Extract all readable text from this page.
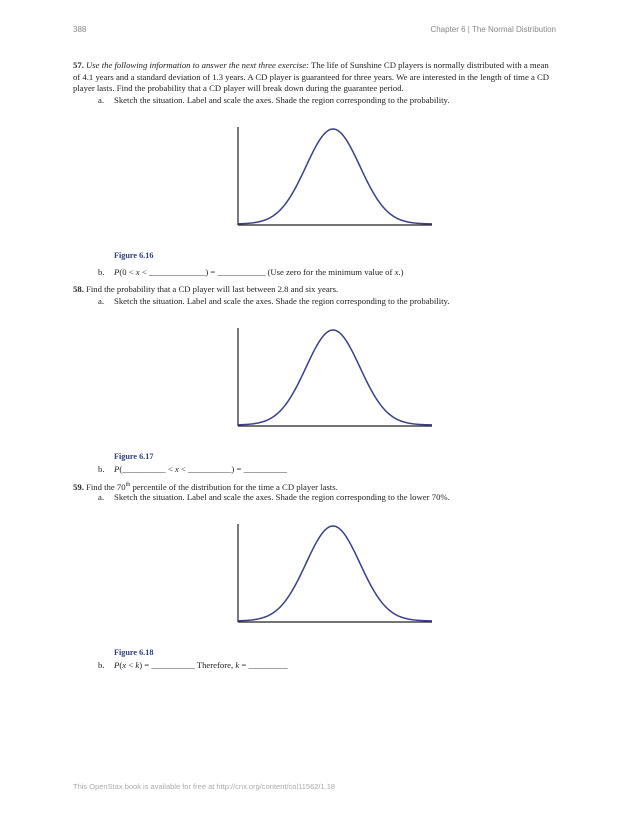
388	Chapter 6 | The Normal Distribution
57. Use the following information to answer the next three exercise: The life of Sunshine CD players is normally distributed with a mean of 4.1 years and a standard deviation of 1.3 years. A CD player is guaranteed for three years. We are interested in the length of time a CD player lasts. Find the probability that a CD player will break down during the guarantee period.
a. Sketch the situation. Label and scale the axes. Shade the region corresponding to the probability.
Figure 6.16
b. P(0 < x < _____________) = ___________ (Use zero for the minimum value of x.)
58. Find the probability that a CD player will last between 2.8 and six years.
a. Sketch the situation. Label and scale the axes. Shade the region corresponding to the probability.
Figure 6.17
b. P(__________ < x < __________) = __________
59. Find the 70th percentile of the distribution for the time a CD player lasts.
a. Sketch the situation. Label and scale the axes. Shade the region corresponding to the lower 70%.
Figure 6.18
b. P(x < k) = __________ Therefore, k = _________
This OpenStax book is available for free at http://cnx.org/content/col11562/1.18
